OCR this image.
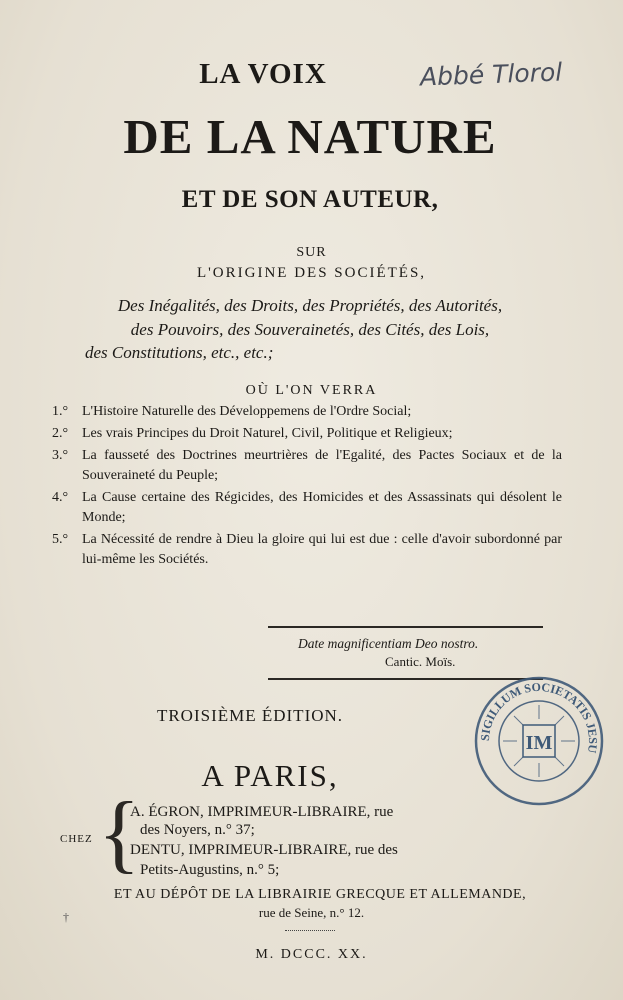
LA VOIX	Abbé Tlorol
DE LA NATURE
ET DE SON AUTEUR,
SUR
L'ORIGINE DES SOCIÉTÉS,
Des Inégalités, des Droits, des Propriétés, des Autorités,
des Pouvoirs, des Souverainetés, des Cités, des Lois,
des Constitutions, etc., etc.;
OÙ L'ON VERRA
1.° L'Histoire Naturelle des Développemens de l'Ordre Social;
2.° Les vrais Principes du Droit Naturel, Civil, Politique et Religieux;
3.° La fausseté des Doctrines meurtrières de l'Egalité, des Pactes Sociaux et de la Souveraineté du Peuple;
4.° La Cause certaine des Régicides, des Homicides et des Assassinats qui désolent le Monde;
5.° La Nécessité de rendre à Dieu la gloire qui lui est due : celle d'avoir subordonné par lui-même les Sociétés.
Date magnificentiam Deo nostro.
Cantic. Moïs.
TROISIÈME ÉDITION.
A PARIS,
CHEZ {
A. ÉGRON, IMPRIMEUR-LIBRAIRE, rue
des Noyers, n.° 37;
DENTU, IMPRIMEUR-LIBRAIRE, rue des
Petits-Augustins, n.° 5;
ET AU DÉPÔT DE LA LIBRAIRIE GRECQUE ET ALLEMANDE,
rue de Seine, n.° 12.
†
M. DCCC. XX.
SIGILLUM SOCIETATIS JESU
IM
